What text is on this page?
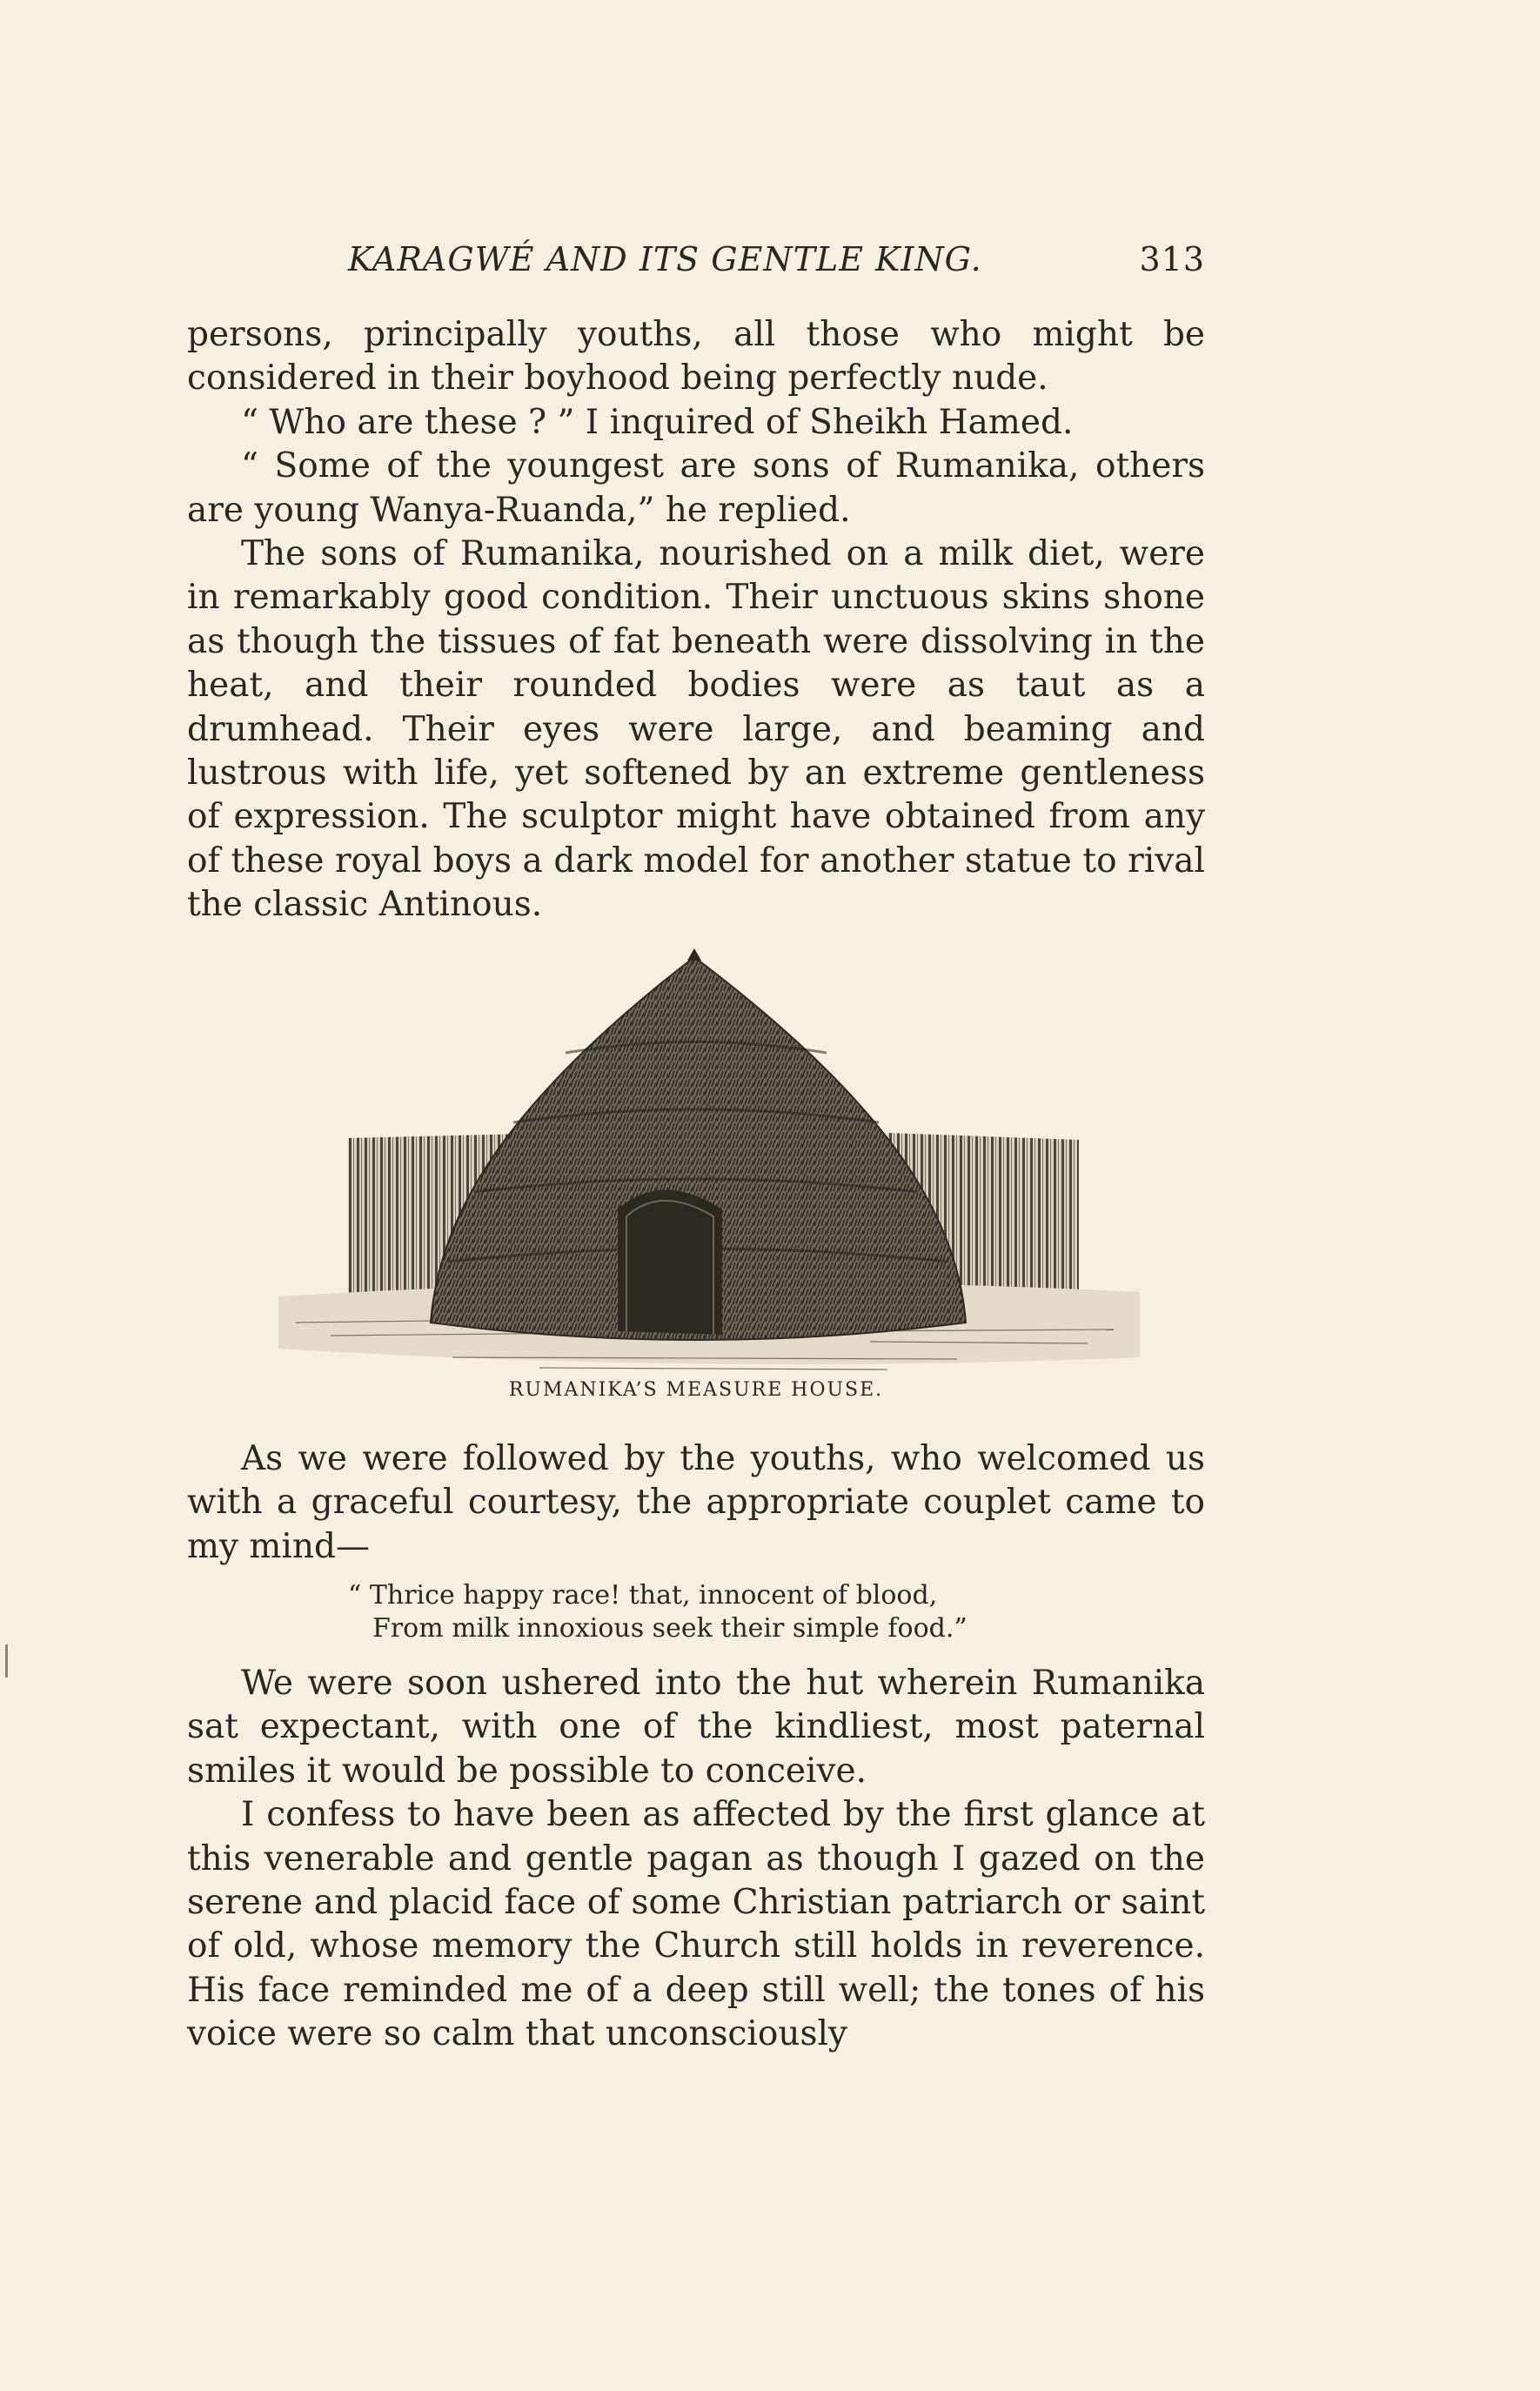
KARAGWÉ AND ITS GENTLE KING.	313

persons, principally youths, all those who might be considered in their boyhood being perfectly nude.

“ Who are these ? ” I inquired of Sheikh Hamed.

“ Some of the youngest are sons of Rumanika, others are young Wanya-Ruanda,” he replied.

The sons of Rumanika, nourished on a milk diet, were in remarkably good condition. Their unctuous skins shone as though the tissues of fat beneath were dissolving in the heat, and their rounded bodies were as taut as a drumhead. Their eyes were large, and beaming and lustrous with life, yet softened by an extreme gentleness of expression. The sculptor might have obtained from any of these royal boys a dark model for another statue to rival the classic Antinous.

RUMANIKA’S MEASURE HOUSE.

As we were followed by the youths, who welcomed us with a graceful courtesy, the appropriate couplet came to my mind—

“ Thrice happy race! that, innocent of blood,
From milk innoxious seek their simple food.”

We were soon ushered into the hut wherein Rumanika sat expectant, with one of the kindliest, most paternal smiles it would be possible to conceive.

I confess to have been as affected by the first glance at this venerable and gentle pagan as though I gazed on the serene and placid face of some Christian patriarch or saint of old, whose memory the Church still holds in reverence. His face reminded me of a deep still well; the tones of his voice were so calm that unconsciously
